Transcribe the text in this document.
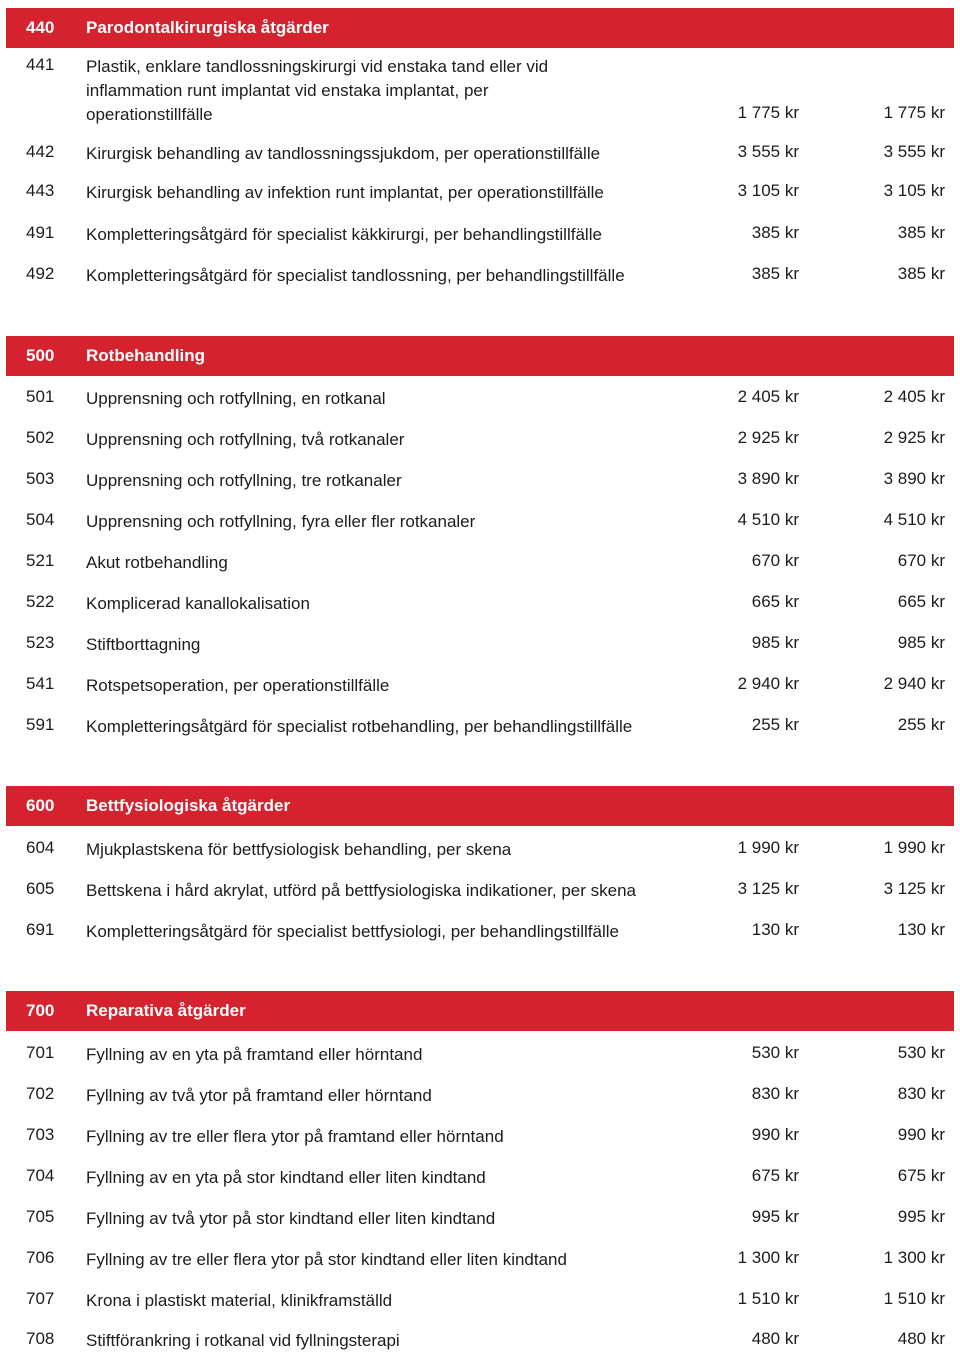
440 Parodontalkirurgiska åtgärder
441 Plastik, enklare tandlossningskirurgi vid enstaka tand eller vid inflammation runt implantat vid enstaka implantat, per operationstillfälle	1 775 kr	1 775 kr
442 Kirurgisk behandling av tandlossningssjukdom, per operationstillfälle	3 555 kr	3 555 kr
443 Kirurgisk behandling av infektion runt implantat, per operationstillfälle	3 105 kr	3 105 kr
491 Kompletteringsåtgärd för specialist käkkirurgi, per behandlingstillfälle	385 kr	385 kr
492 Kompletteringsåtgärd för specialist tandlossning, per behandlingstillfälle	385 kr	385 kr
500 Rotbehandling
501 Upprensning och rotfyllning, en rotkanal	2 405 kr	2 405 kr
502 Upprensning och rotfyllning, två rotkanaler	2 925 kr	2 925 kr
503 Upprensning och rotfyllning, tre rotkanaler	3 890 kr	3 890 kr
504 Upprensning och rotfyllning, fyra eller fler rotkanaler	4 510 kr	4 510 kr
521 Akut rotbehandling	670 kr	670 kr
522 Komplicerad kanallokalisation	665 kr	665 kr
523 Stiftborttagning	985 kr	985 kr
541 Rotspetsoperation, per operationstillfälle	2 940 kr	2 940 kr
591 Kompletteringsåtgärd för specialist rotbehandling, per behandlingstillfälle	255 kr	255 kr
600 Bettfysiologiska åtgärder
604 Mjukplastskena för bettfysiologisk behandling, per skena	1 990 kr	1 990 kr
605 Bettskena i hård akrylat, utförd på bettfysiologiska indikationer, per skena	3 125 kr	3 125 kr
691 Kompletteringsåtgärd för specialist bettfysiologi, per behandlingstillfälle	130 kr	130 kr
700 Reparativa åtgärder
701 Fyllning av en yta på framtand eller hörntand	530 kr	530 kr
702 Fyllning av två ytor på framtand eller hörntand	830 kr	830 kr
703 Fyllning av tre eller flera ytor på framtand eller hörntand	990 kr	990 kr
704 Fyllning av en yta på stor kindtand eller liten kindtand	675 kr	675 kr
705 Fyllning av två ytor på stor kindtand eller liten kindtand	995 kr	995 kr
706 Fyllning av tre eller flera ytor på stor kindtand eller liten kindtand	1 300 kr	1 300 kr
707 Krona i plastiskt material, klinikframställd	1 510 kr	1 510 kr
708 Stiftförankring i rotkanal vid fyllningsterapi	480 kr	480 kr
